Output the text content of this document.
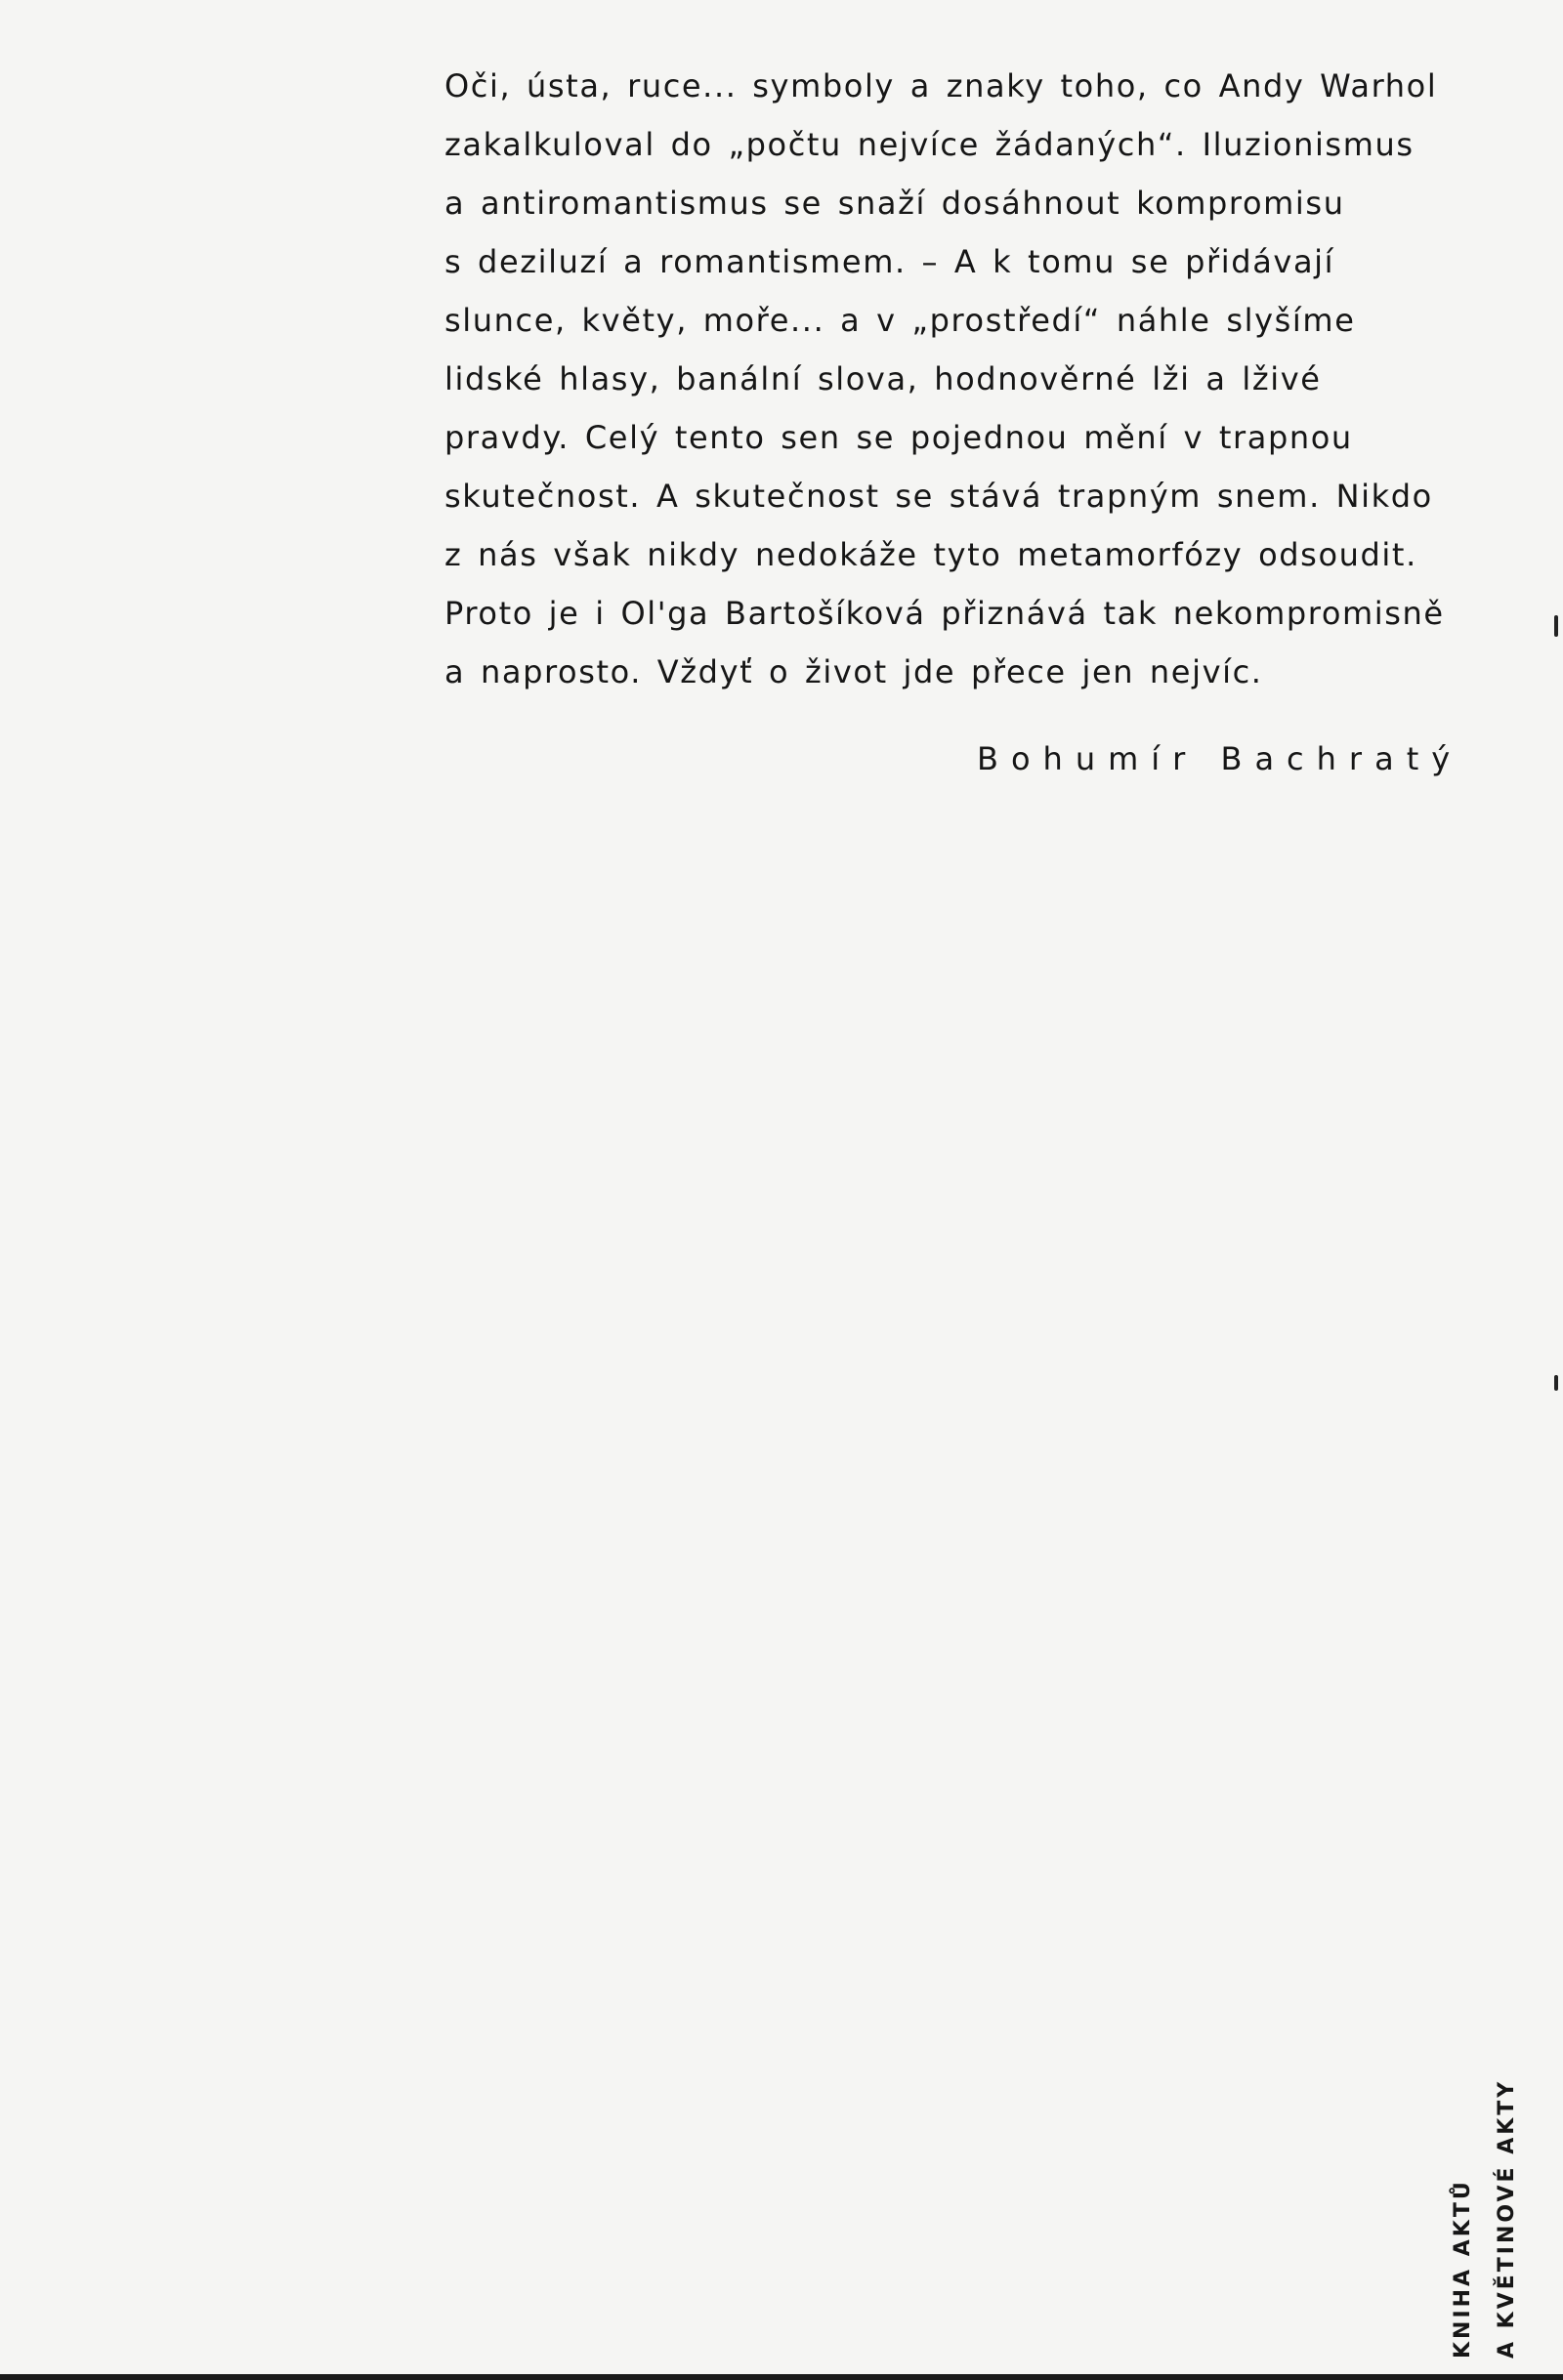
Oči, ústa, ruce... symboly a znaky toho, co Andy Warhol
zakalkuloval do „počtu nejvíce žádaných“. Iluzionismus
a antiromantismus se snaží dosáhnout kompromisu
s deziluzí a romantismem. – A k tomu se přidávají
slunce, květy, moře... a v „prostředí“ náhle slyšíme
lidské hlasy, banální slova, hodnověrné lži a lživé
pravdy. Celý tento sen se pojednou mění v trapnou
skutečnost. A skutečnost se stává trapným snem. Nikdo
z nás však nikdy nedokáže tyto metamorfózy odsoudit.
Proto je i Ol'ga Bartošíková přiznává tak nekompromisně
a naprosto. Vždyť o život jde přece jen nejvíc.
Bohumír Bachratý
KNIHA AKTŮ A KVĚTINOVÉ AKTY
